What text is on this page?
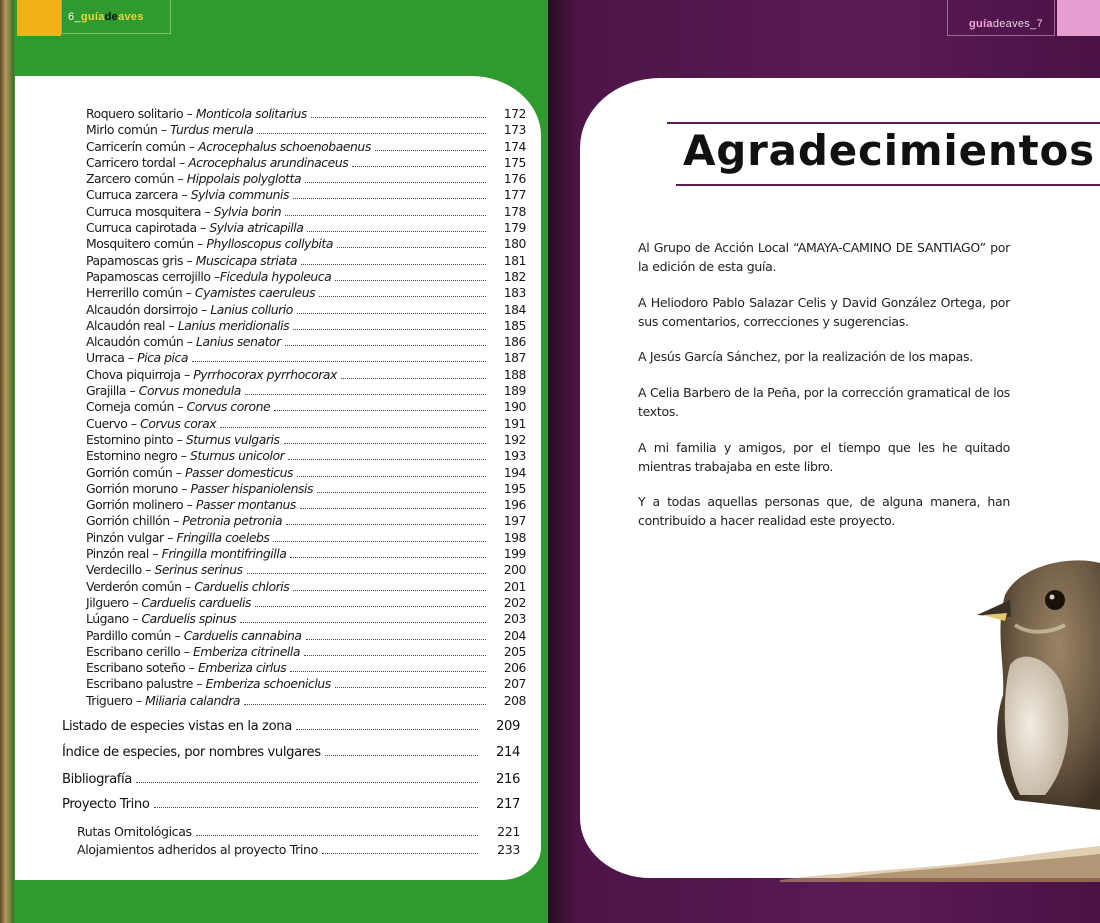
6_guíadeaves
Roquero solitario – Monticola solitarius	172
Mirlo común – Turdus merula	173
Carricerín común – Acrocephalus schoenobaenus	174
Carricero tordal – Acrocephalus arundinaceus	175
Zarcero común – Hippolais polyglotta	176
Curruca zarcera – Sylvia communis	177
Curruca mosquitera – Sylvia borin	178
Curruca capirotada – Sylvia atricapilla	179
Mosquitero común – Phylloscopus collybita	180
Papamoscas gris – Muscicapa striata	181
Papamoscas cerrojillo –Ficedula hypoleuca	182
Herrerillo común – Cyamistes caeruleus	183
Alcaudón dorsirrojo – Lanius collurio	184
Alcaudón real – Lanius meridionalis	185
Alcaudón común – Lanius senator	186
Urraca – Pica pica	187
Chova piquirroja – Pyrrhocorax pyrrhocorax	188
Grajilla – Corvus monedula	189
Corneja común – Corvus corone	190
Cuervo – Corvus corax	191
Estornino pinto – Sturnus vulgaris	192
Estornino negro – Sturnus unicolor	193
Gorrión común – Passer domesticus	194
Gorrión moruno – Passer hispaniolensis	195
Gorrión molinero – Passer montanus	196
Gorrión chillón – Petronia petronia	197
Pinzón vulgar – Fringilla coelebs	198
Pinzón real – Fringilla montifringilla	199
Verdecillo – Serinus serinus	200
Verderón común – Carduelis chloris	201
Jilguero – Carduelis carduelis	202
Lúgano – Carduelis spinus	203
Pardillo común – Carduelis cannabina	204
Escribano cerillo – Emberiza citrinella	205
Escribano soteño – Emberiza cirlus	206
Escribano palustre – Emberiza schoeniclus	207
Triguero – Miliaria calandra	208
Listado de especies vistas en la zona	209
Índice de especies, por nombres vulgares	214
Bibliografía	216
Proyecto Trino	217
Rutas Ornitológicas	221
Alojamientos adheridos al proyecto Trino	233
guíadeaves_7
Agradecimientos

Al Grupo de Acción Local “AMAYA-CAMINO DE SANTIAGO” por la edición de esta guía.

A Heliodoro Pablo Salazar Celis y David González Ortega, por sus comentarios, correcciones y sugerencias.

A Jesús García Sánchez, por la realización de los mapas.

A Celia Barbero de la Peña, por la corrección gramatical de los textos.

A mi familia y amigos, por el tiempo que les he quitado mientras trabajaba en este libro.

Y a todas aquellas personas que, de alguna manera, han contribuido a hacer realidad este proyecto.
